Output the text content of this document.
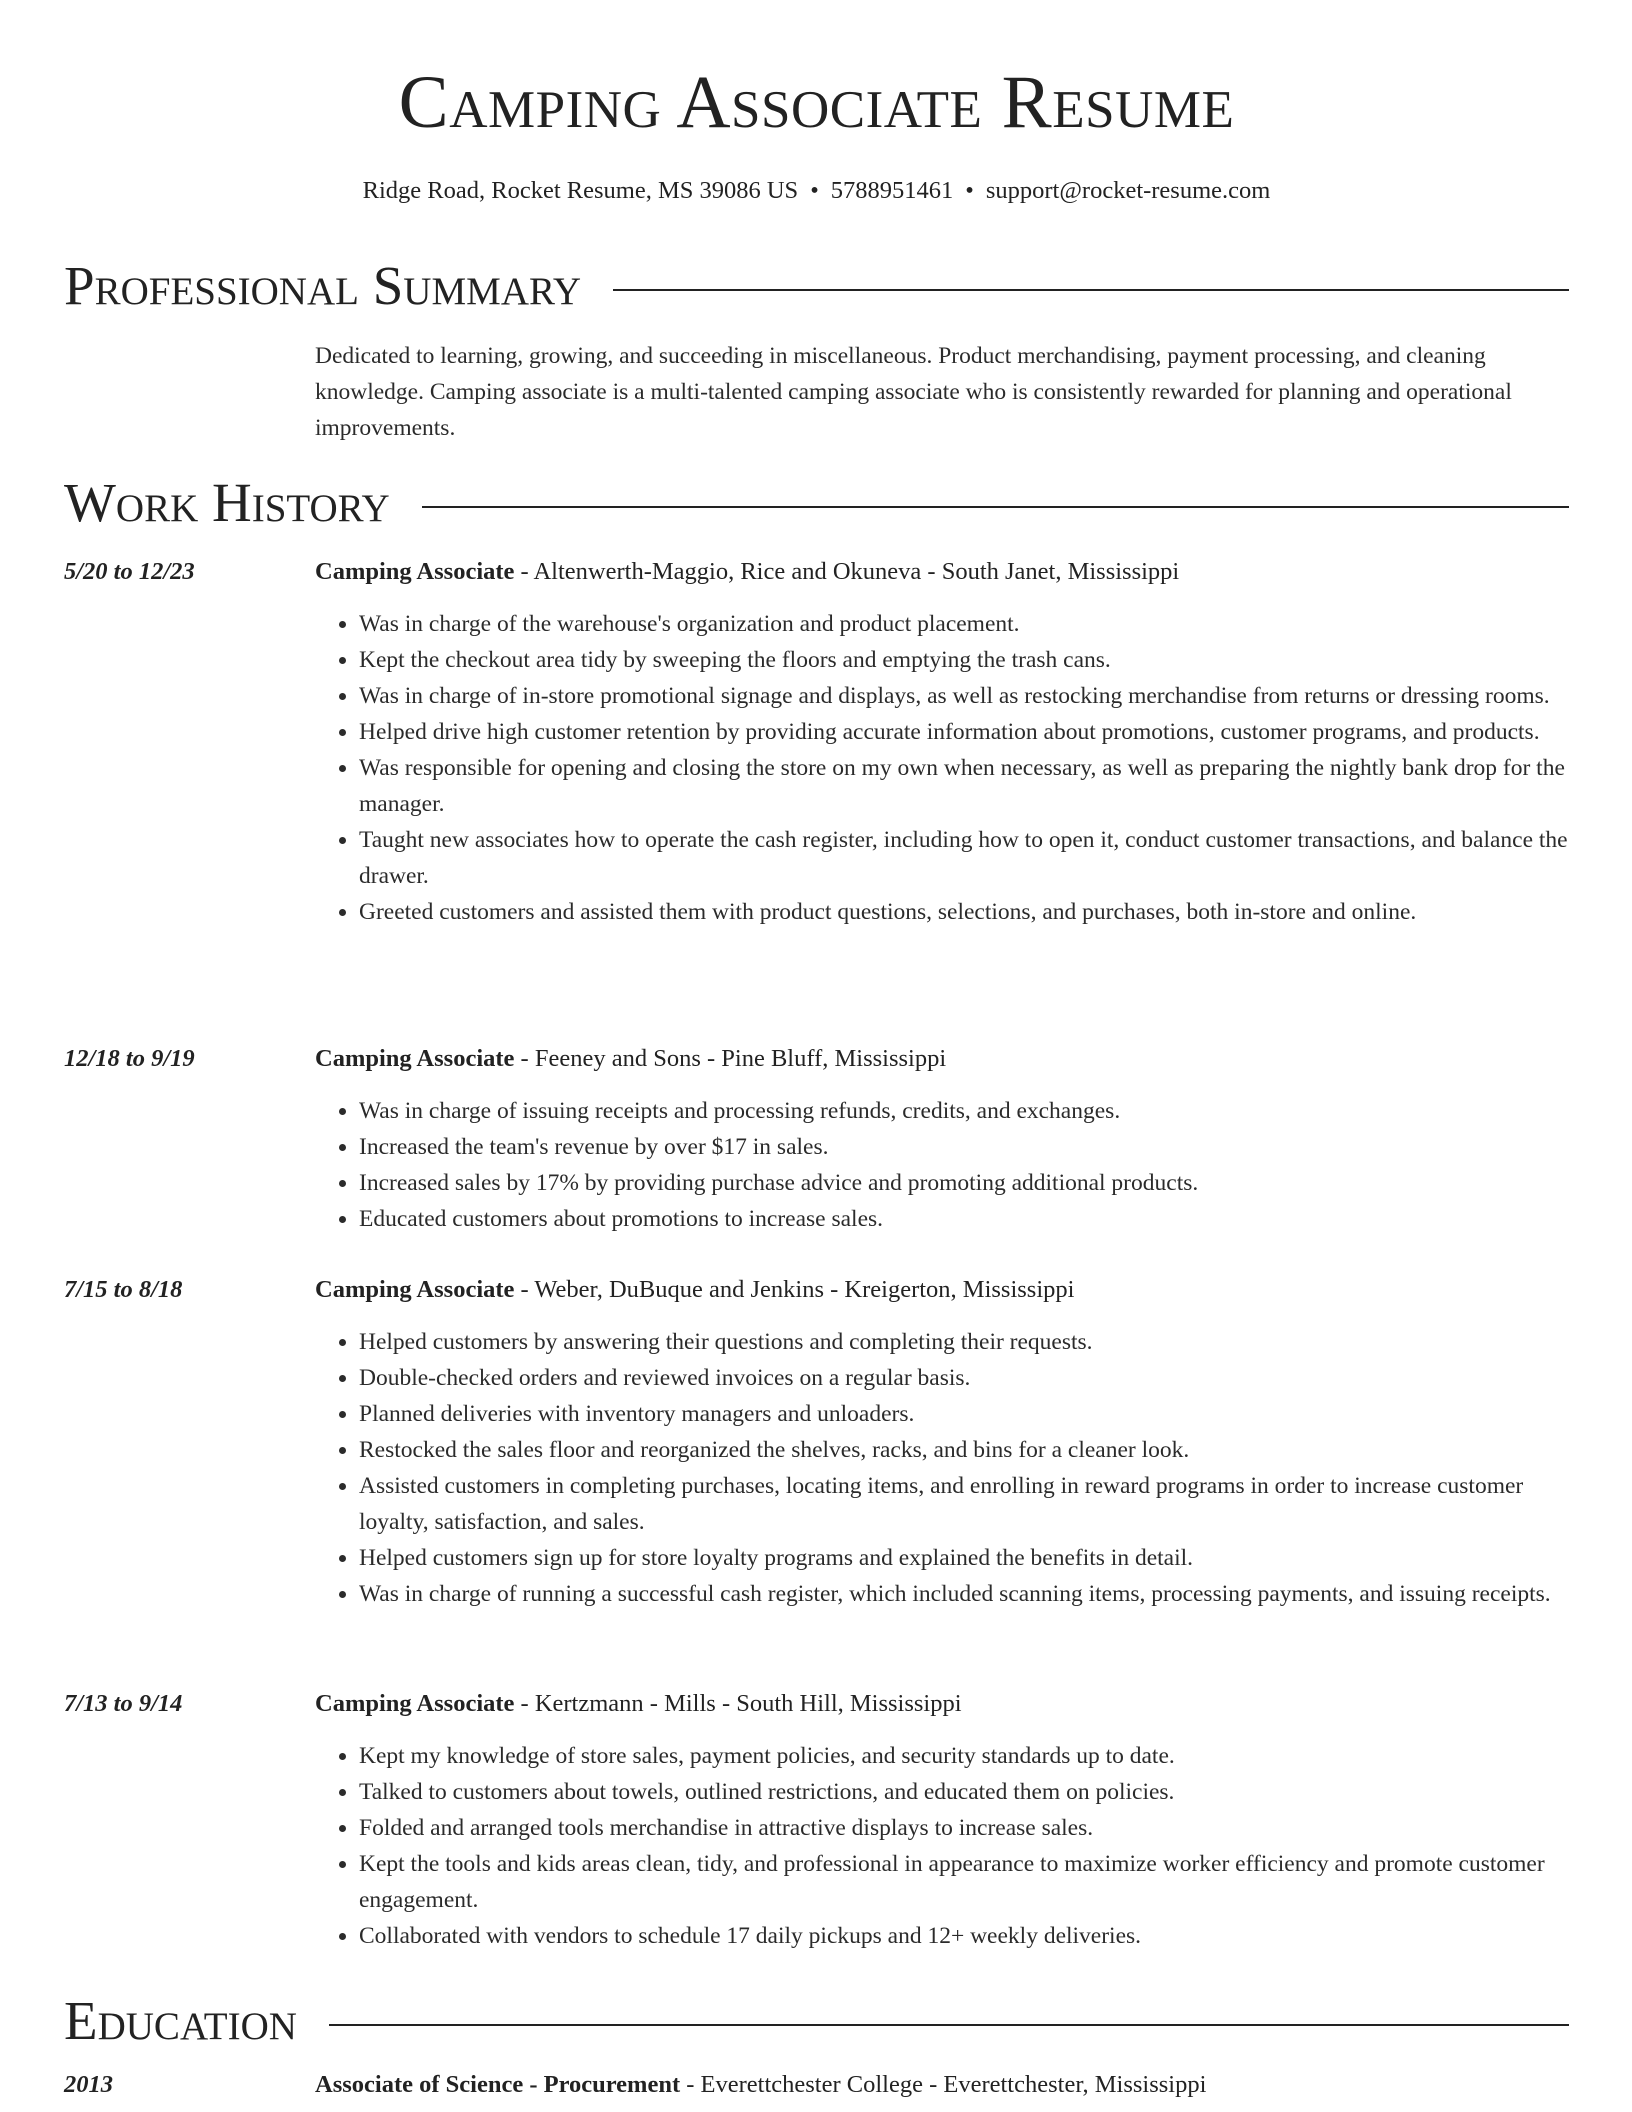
Camping Associate Resume
Ridge Road, Rocket Resume, MS 39086 US • 5788951461 • support@rocket-resume.com
Professional Summary

Dedicated to learning, growing, and succeeding in miscellaneous. Product merchandising, payment processing, and cleaning knowledge. Camping associate is a multi-talented camping associate who is consistently rewarded for planning and operational improvements.

Work History
5/20 to 12/23	Camping Associate - Altenwerth-Maggio, Rice and Okuneva - South Janet, Mississippi
• Was in charge of the warehouse's organization and product placement.
• Kept the checkout area tidy by sweeping the floors and emptying the trash cans.
• Was in charge of in-store promotional signage and displays, as well as restocking merchandise from returns or dressing rooms.
• Helped drive high customer retention by providing accurate information about promotions, customer programs, and products.
• Was responsible for opening and closing the store on my own when necessary, as well as preparing the nightly bank drop for the manager.
• Taught new associates how to operate the cash register, including how to open it, conduct customer transactions, and balance the drawer.
• Greeted customers and assisted them with product questions, selections, and purchases, both in-store and online.
12/18 to 9/19	Camping Associate - Feeney and Sons - Pine Bluff, Mississippi
• Was in charge of issuing receipts and processing refunds, credits, and exchanges.
• Increased the team's revenue by over $17 in sales.
• Increased sales by 17% by providing purchase advice and promoting additional products.
• Educated customers about promotions to increase sales.
7/15 to 8/18	Camping Associate - Weber, DuBuque and Jenkins - Kreigerton, Mississippi
• Helped customers by answering their questions and completing their requests.
• Double-checked orders and reviewed invoices on a regular basis.
• Planned deliveries with inventory managers and unloaders.
• Restocked the sales floor and reorganized the shelves, racks, and bins for a cleaner look.
• Assisted customers in completing purchases, locating items, and enrolling in reward programs in order to increase customer loyalty, satisfaction, and sales.
• Helped customers sign up for store loyalty programs and explained the benefits in detail.
• Was in charge of running a successful cash register, which included scanning items, processing payments, and issuing receipts.
7/13 to 9/14	Camping Associate - Kertzmann - Mills - South Hill, Mississippi
• Kept my knowledge of store sales, payment policies, and security standards up to date.
• Talked to customers about towels, outlined restrictions, and educated them on policies.
• Folded and arranged tools merchandise in attractive displays to increase sales.
• Kept the tools and kids areas clean, tidy, and professional in appearance to maximize worker efficiency and promote customer engagement.
• Collaborated with vendors to schedule 17 daily pickups and 12+ weekly deliveries.
Education
2013	Associate of Science - Procurement - Everettchester College - Everettchester, Mississippi
